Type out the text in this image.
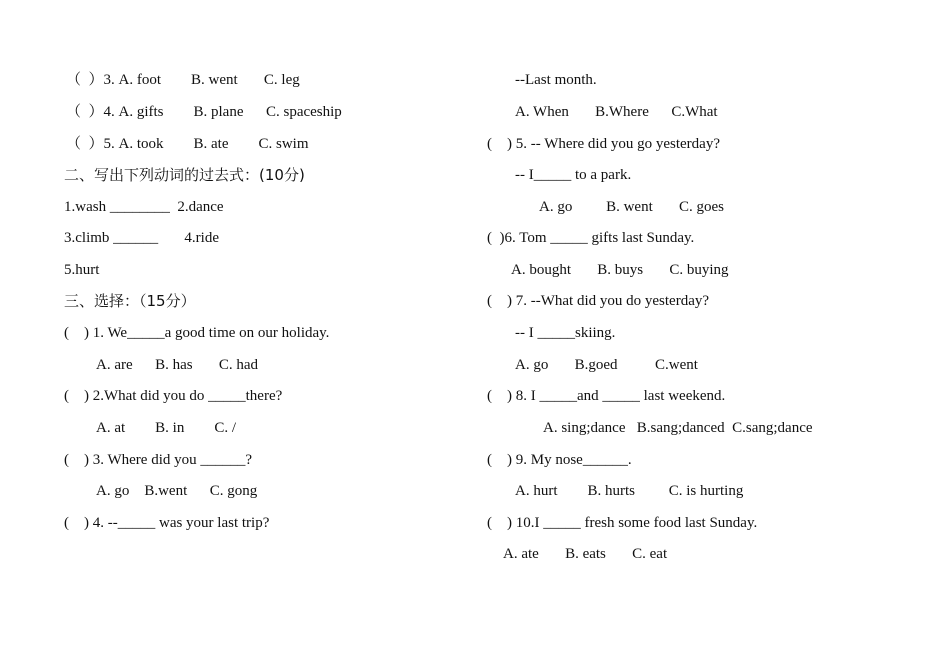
（  ）3. A. foot        B. went       C. leg
（  ）4. A. gifts        B. plane      C. spaceship
（  ）5. A. took        B. ate        C. swim
二、写出下列动词的过去式：(10分)
1.wash ________  2.dance
3.climb ______       4.ride
5.hurt
三、选择：（15分）
(    ) 1. We_____a good time on our holiday.
A. are      B. has       C. had
(    ) 2.What did you do _____there?
A. at        B. in        C. /
(    ) 3. Where did you ______?
A. go    B.went      C. gong
(    ) 4. --_____ was your last trip?
--Last month.
A. When       B.Where      C.What
(    ) 5. -- Where did you go yesterday?
-- I_____ to a park.
A. go         B. went       C. goes
(  )6. Tom _____ gifts last Sunday.
A. bought       B. buys       C. buying
(    ) 7. --What did you do yesterday?
-- I _____skiing.
A. go       B.goed          C.went
(    ) 8. I _____and _____ last weekend.
A. sing;dance   B.sang;danced  C.sang;dance
(    ) 9. My nose______.
A. hurt        B. hurts         C. is hurting
(    ) 10.I _____ fresh some food last Sunday.
A. ate       B. eats       C. eat
